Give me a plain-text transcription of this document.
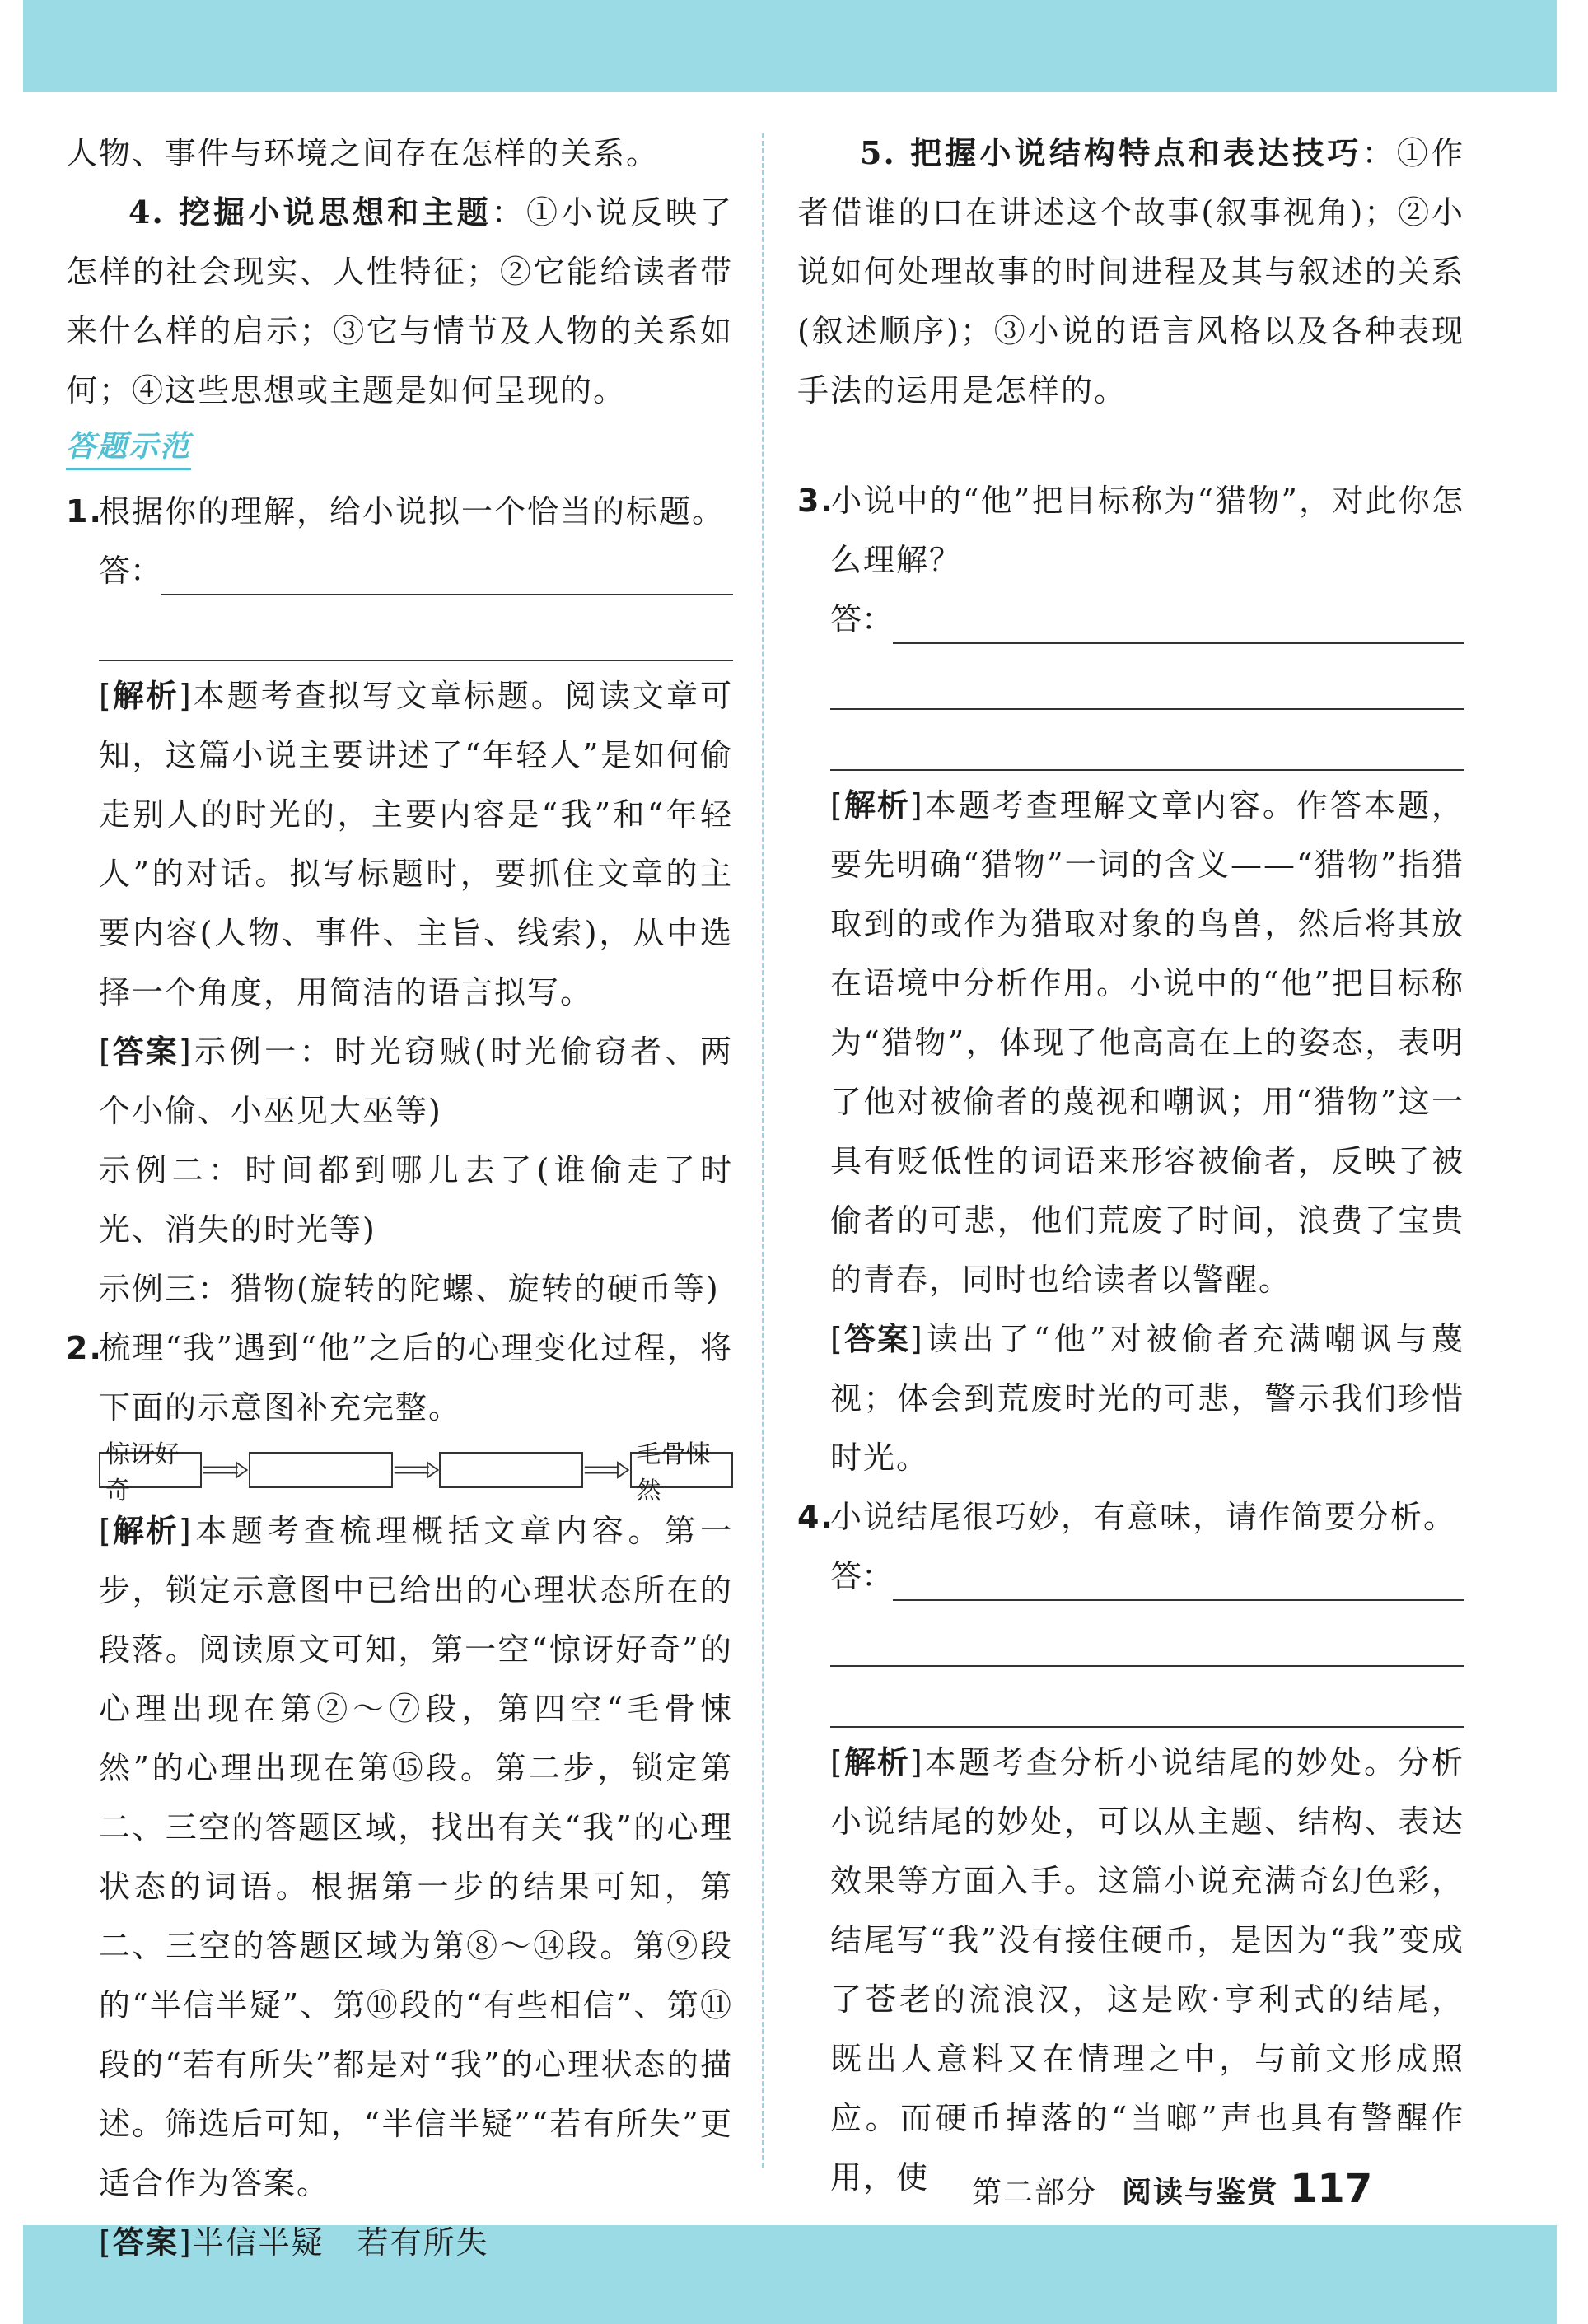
人物、事件与环境之间存在怎样的关系。

4. 挖掘小说思想和主题：①小说反映了怎样的社会现实、人性特征；②它能给读者带来什么样的启示；③它与情节及人物的关系如何；④这些思想或主题是如何呈现的。

答题示范

1.根据你的理解，给小说拟一个恰当的标题。

答：

[解析]本题考查拟写文章标题。阅读文章可知，这篇小说主要讲述了“年轻人”是如何偷走别人的时光的，主要内容是“我”和“年轻人”的对话。拟写标题时，要抓住文章的主要内容(人物、事件、主旨、线索)，从中选择一个角度，用简洁的语言拟写。

[答案]示例一：时光窃贼(时光偷窃者、两个小偷、小巫见大巫等)

示例二：时间都到哪儿去了(谁偷走了时光、消失的时光等)

示例三：猎物(旋转的陀螺、旋转的硬币等)

2.梳理“我”遇到“他”之后的心理变化过程，将下面的示意图补充完整。

惊讶好奇
毛骨悚然

[解析]本题考查梳理概括文章内容。第一步，锁定示意图中已给出的心理状态所在的段落。阅读原文可知，第一空“惊讶好奇”的心理出现在第②～⑦段，第四空“毛骨悚然”的心理出现在第⑮段。第二步，锁定第二、三空的答题区域，找出有关“我”的心理状态的词语。根据第一步的结果可知，第二、三空的答题区域为第⑧～⑭段。第⑨段的“半信半疑”、第⑩段的“有些相信”、第⑪段的“若有所失”都是对“我”的心理状态的描述。筛选后可知，“半信半疑”“若有所失”更适合作为答案。

[答案]半信半疑　若有所失

5. 把握小说结构特点和表达技巧：①作者借谁的口在讲述这个故事(叙事视角)；②小说如何处理故事的时间进程及其与叙述的关系(叙述顺序)；③小说的语言风格以及各种表现手法的运用是怎样的。

3.小说中的“他”把目标称为“猎物”，对此你怎么理解？

答：

[解析]本题考查理解文章内容。作答本题，要先明确“猎物”一词的含义——“猎物”指猎取到的或作为猎取对象的鸟兽，然后将其放在语境中分析作用。小说中的“他”把目标称为“猎物”，体现了他高高在上的姿态，表明了他对被偷者的蔑视和嘲讽；用“猎物”这一具有贬低性的词语来形容被偷者，反映了被偷者的可悲，他们荒废了时间，浪费了宝贵的青春，同时也给读者以警醒。

[答案]读出了“他”对被偷者充满嘲讽与蔑视；体会到荒废时光的可悲，警示我们珍惜时光。

4.小说结尾很巧妙，有意味，请作简要分析。

答：

[解析]本题考查分析小说结尾的妙处。分析小说结尾的妙处，可以从主题、结构、表达效果等方面入手。这篇小说充满奇幻色彩，结尾写“我”没有接住硬币，是因为“我”变成了苍老的流浪汉，这是欧·亨利式的结尾，既出人意料又在情理之中，与前文形成照应。而硬币掉落的“当啷”声也具有警醒作用，使	第二部分 阅读与鉴赏 117
